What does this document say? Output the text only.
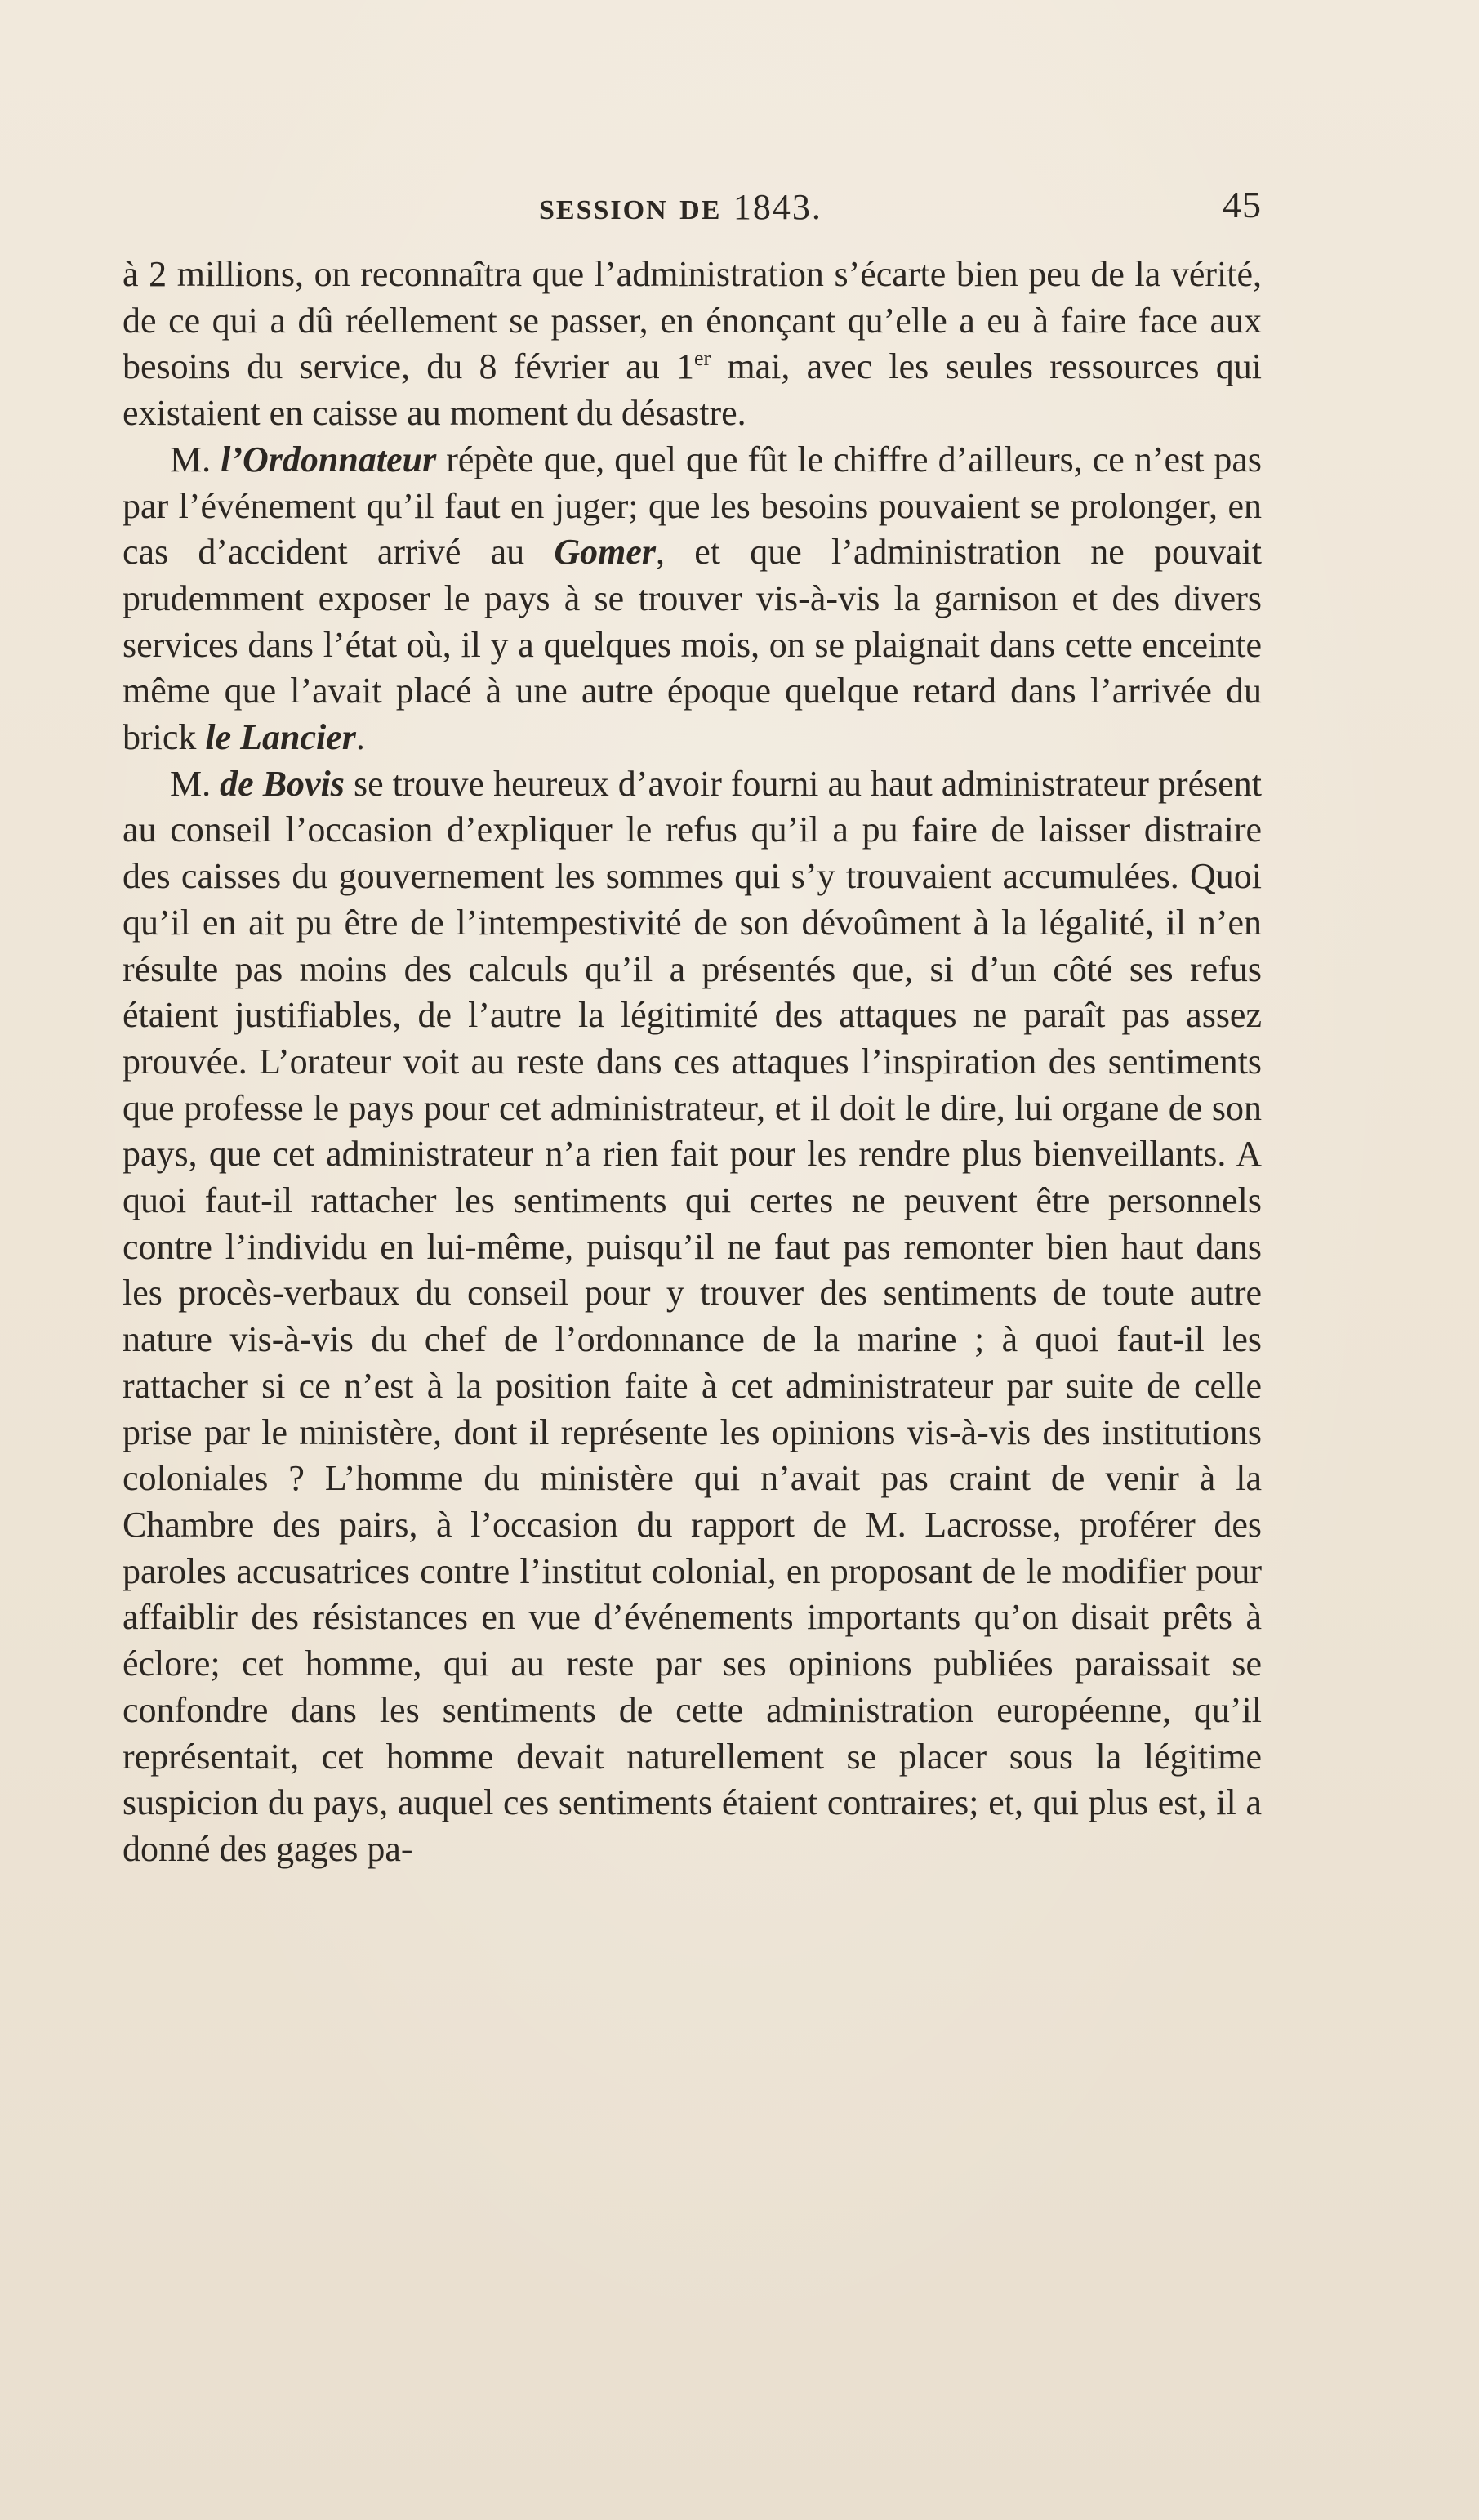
SESSION DE 1843.	45

à 2 millions, on reconnaîtra que l’administration s’écarte bien peu de la vérité, de ce qui a dû réellement se passer, en énonçant qu’elle a eu à faire face aux besoins du service, du 8 février au 1er mai, avec les seules ressources qui existaient en caisse au moment du désastre.

M. l’Ordonnateur répète que, quel que fût le chiffre d’ailleurs, ce n’est pas par l’événement qu’il faut en juger; que les besoins pouvaient se prolonger, en cas d’accident arrivé au Gomer, et que l’administration ne pouvait prudemment exposer le pays à se trouver vis-à-vis la garnison et des divers services dans l’état où, il y a quelques mois, on se plaignait dans cette enceinte même que l’avait placé à une autre époque quelque retard dans l’arrivée du brick le Lancier.

M. de Bovis se trouve heureux d’avoir fourni au haut administrateur présent au conseil l’occasion d’expliquer le refus qu’il a pu faire de laisser distraire des caisses du gouvernement les sommes qui s’y trouvaient accumulées. Quoi qu’il en ait pu être de l’intempestivité de son dévoûment à la légalité, il n’en résulte pas moins des calculs qu’il a présentés que, si d’un côté ses refus étaient justifiables, de l’autre la légitimité des attaques ne paraît pas assez prouvée. L’orateur voit au reste dans ces attaques l’inspiration des sentiments que professe le pays pour cet administrateur, et il doit le dire, lui organe de son pays, que cet administrateur n’a rien fait pour les rendre plus bienveillants. A quoi faut-il rattacher les sentiments qui certes ne peuvent être personnels contre l’individu en lui-même, puisqu’il ne faut pas remonter bien haut dans les procès-verbaux du conseil pour y trouver des sentiments de toute autre nature vis-à-vis du chef de l’ordonnance de la marine ; à quoi faut-il les rattacher si ce n’est à la position faite à cet administrateur par suite de celle prise par le ministère, dont il représente les opinions vis-à-vis des institutions coloniales ? L’homme du ministère qui n’avait pas craint de venir à la Chambre des pairs, à l’occasion du rapport de M. Lacrosse, proférer des paroles accusatrices contre l’institut colonial, en proposant de le modifier pour affaiblir des résistances en vue d’événements importants qu’on disait prêts à éclore; cet homme, qui au reste par ses opinions publiées paraissait se confondre dans les sentiments de cette administration européenne, qu’il représentait, cet homme devait naturellement se placer sous la légitime suspicion du pays, auquel ces sentiments étaient contraires; et, qui plus est, il a donné des gages pa-
